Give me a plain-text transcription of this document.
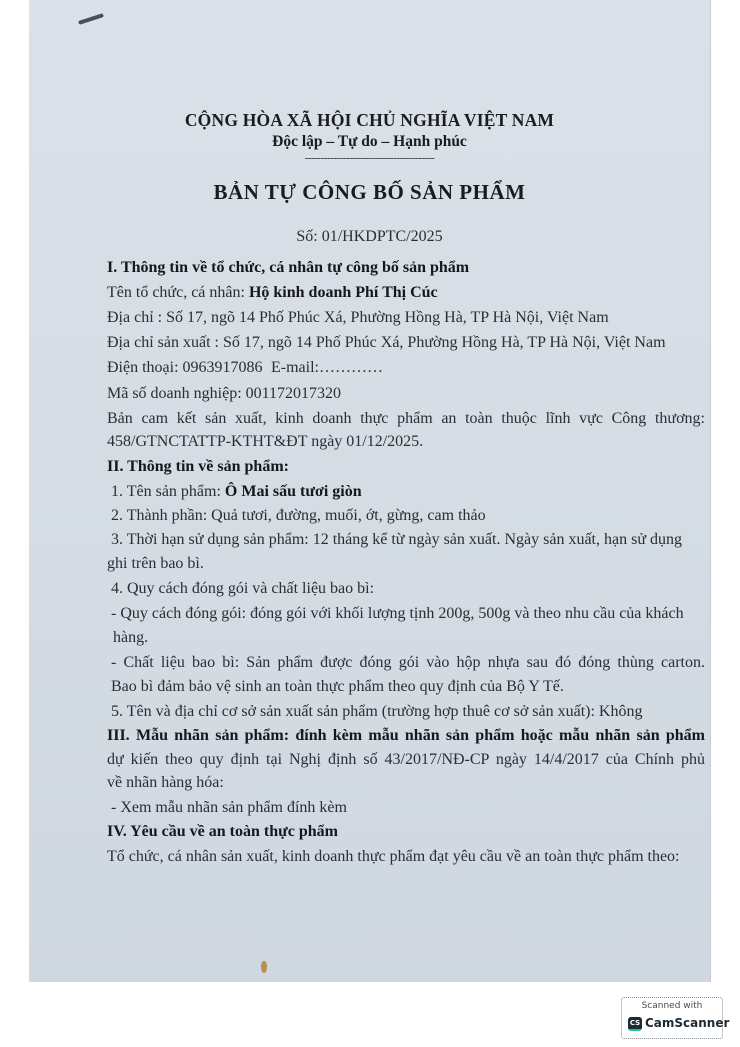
CỘNG HÒA XÃ HỘI CHỦ NGHĨA VIỆT NAM
Độc lập – Tự do – Hạnh phúc
-----------------------------------------
BẢN TỰ CÔNG BỐ SẢN PHẨM
Số: 01/HKDPTC/2025
I. Thông tin về tổ chức, cá nhân tự công bố sản phẩm
Tên tổ chức, cá nhân: Hộ kinh doanh Phí Thị Cúc
Địa chỉ : Số 17, ngõ 14 Phố Phúc Xá, Phường Hồng Hà, TP Hà Nội, Việt Nam
Địa chỉ sản xuất : Số 17, ngõ 14 Phố Phúc Xá, Phường Hồng Hà, TP Hà Nội, Việt Nam
Điện thoại: 0963917086 E-mail:…………
Mã số doanh nghiệp: 001172017320
Bản cam kết sản xuất, kinh doanh thực phẩm an toàn thuộc lĩnh vực Công thương:
458/GTNCTATTP-KTHT&ĐT ngày 01/12/2025.
II. Thông tin về sản phẩm:
1. Tên sản phẩm: Ô Mai sấu tươi giòn
2. Thành phần: Quả tươi, đường, muối, ớt, gừng, cam thảo
3. Thời hạn sử dụng sản phẩm: 12 tháng kể từ ngày sản xuất. Ngày sản xuất, hạn sử dụng
ghi trên bao bì.
4. Quy cách đóng gói và chất liệu bao bì:
- Quy cách đóng gói: đóng gói với khối lượng tịnh 200g, 500g và theo nhu cầu của khách
hàng.
- Chất liệu bao bì: Sản phẩm được đóng gói vào hộp nhựa sau đó đóng thùng carton.
Bao bì đảm bảo vệ sinh an toàn thực phẩm theo quy định của Bộ Y Tế.
5. Tên và địa chỉ cơ sở sản xuất sản phẩm (trường hợp thuê cơ sở sản xuất): Không
III. Mẫu nhãn sản phẩm: đính kèm mẫu nhãn sản phẩm hoặc mẫu nhãn sản phẩm
dự kiến theo quy định tại Nghị định số 43/2017/NĐ-CP ngày 14/4/2017 của Chính phủ
về nhãn hàng hóa:
- Xem mẫu nhãn sản phẩm đính kèm
IV. Yêu cầu về an toàn thực phẩm
Tổ chức, cá nhân sản xuất, kinh doanh thực phẩm đạt yêu cầu về an toàn thực phẩm theo:
Scanned with
CS CamScanner
